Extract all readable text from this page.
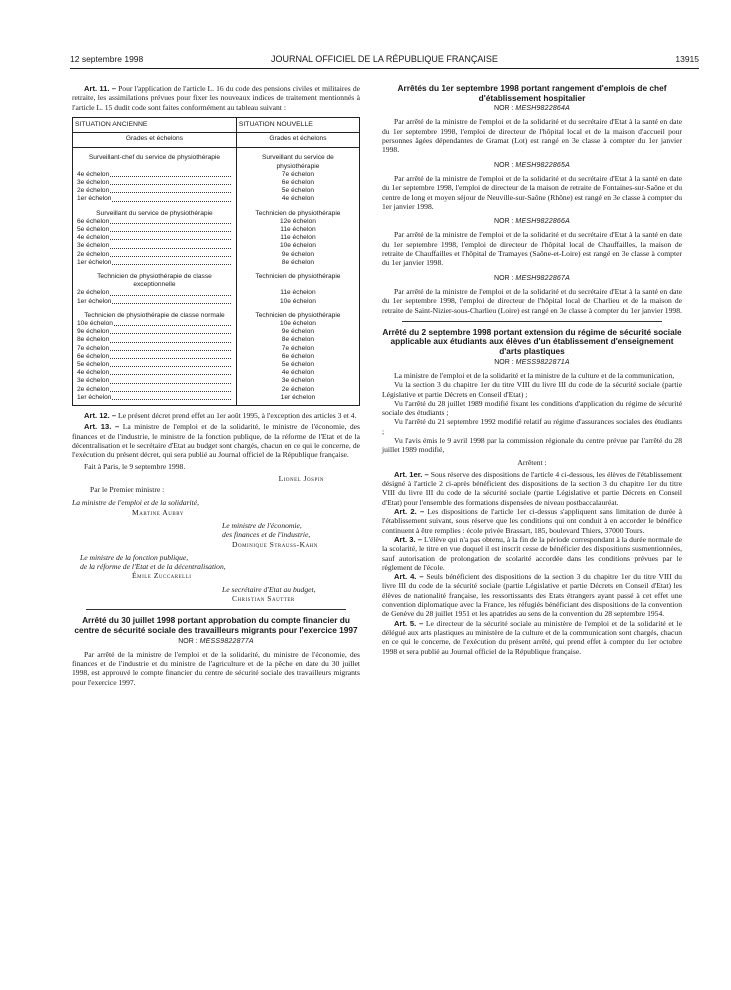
12 septembre 1998	JOURNAL OFFICIEL DE LA RÉPUBLIQUE FRANÇAISE	13915

Art. 11. – Pour l'application de l'article L. 16 du code des pensions civiles et militaires de retraite, les assimilations prévues pour fixer les nouveaux indices de traitement mentionnés à l'article L. 15 dudit code sont faites conformément au tableau suivant :

SITUATION ANCIENNE	SITUATION NOUVELLE
Grades et échelons	Grades et échelons
Surveillant-chef du service de physiothérapie	Surveillant du service de physiothérapie

4e échelon	7e échelon

3e échelon	6e échelon

2e échelon	5e échelon

1er échelon	4e échelon
Surveillant du service de physiothérapie	Technicien de physiothérapie

6e échelon	12e échelon

5e échelon	11e échelon

4e échelon	11e échelon

3e échelon	10e échelon

2e échelon	9e échelon

1er échelon	8e échelon
Technicien de physiothérapie de classe exceptionnelle	Technicien de physiothérapie

2e échelon	11e échelon

1er échelon	10e échelon
Technicien de physiothérapie de classe normale	Technicien de physiothérapie

10e échelon	10e échelon

9e échelon	9e échelon

8e échelon	8e échelon

7e échelon	7e échelon

6e échelon	6e échelon

5e échelon	5e échelon

4e échelon	4e échelon

3e échelon	3e échelon

2e échelon	2e échelon

1er échelon	1er échelon

Art. 12. – Le présent décret prend effet au 1er août 1995, à l'exception des articles 3 et 4.

Art. 13. – La ministre de l'emploi et de la solidarité, le ministre de l'économie, des finances et de l'industrie, le ministre de la fonction publique, de la réforme de l'Etat et de la décentralisation et le secrétaire d'Etat au budget sont chargés, chacun en ce qui le concerne, de l'exécution du présent décret, qui sera publié au Journal officiel de la République française.

Fait à Paris, le 9 septembre 1998.

Lionel Jospin
Par le Premier ministre :
La ministre de l'emploi et de la solidarité,
Martine Aubry
Le ministre de l'économie,
des finances et de l'industrie,
Dominique Strauss-Kahn
Le ministre de la fonction publique,
de la réforme de l'Etat et de la décentralisation,
Émile Zuccarelli
Le secrétaire d'Etat au budget,
Christian Sautter
Arrêté du 30 juillet 1998 portant approbation du compte financier du centre de sécurité sociale des travailleurs migrants pour l'exercice 1997
NOR : MESS9822877A

Par arrêté de la ministre de l'emploi et de la solidarité, du ministre de l'économie, des finances et de l'industrie et du ministre de l'agriculture et de la pêche en date du 30 juillet 1998, est approuvé le compte financier du centre de sécurité sociale des travailleurs migrants pour l'exercice 1997.

Arrêtés du 1er septembre 1998 portant rangement d'emplois de chef d'établissement hospitalier
NOR : MESH9822864A

Par arrêté de la ministre de l'emploi et de la solidarité et du secrétaire d'Etat à la santé en date du 1er septembre 1998, l'emploi de directeur de l'hôpital local et de la maison d'accueil pour personnes âgées dépendantes de Gramat (Lot) est rangé en 3e classe à compter du 1er janvier 1998.

NOR : MESH9822865A

Par arrêté de la ministre de l'emploi et de la solidarité et du secrétaire d'Etat à la santé en date du 1er septembre 1998, l'emploi de directeur de la maison de retraite de Fontaines-sur-Saône et du centre de long et moyen séjour de Neuville-sur-Saône (Rhône) est rangé en 3e classe à compter du 1er janvier 1998.

NOR : MESH9822866A

Par arrêté de la ministre de l'emploi et de la solidarité et du secrétaire d'Etat à la santé en date du 1er septembre 1998, l'emploi de directeur de l'hôpital local de Chauffailles, la maison de retraite de Chauffailles et l'hôpital de Tramayes (Saône-et-Loire) est rangé en 3e classe à compter du 1er janvier 1998.

NOR : MESH9822867A

Par arrêté de la ministre de l'emploi et de la solidarité et du secrétaire d'Etat à la santé en date du 1er septembre 1998, l'emploi de directeur de l'hôpital local de Charlieu et de la maison de retraite de Saint-Nizier-sous-Charlieu (Loire) est rangé en 3e classe à compter du 1er janvier 1998.

Arrêté du 2 septembre 1998 portant extension du régime de sécurité sociale applicable aux étudiants aux élèves d'un établissement d'enseignement d'arts plastiques
NOR : MESS9822871A

La ministre de l'emploi et de la solidarité et la ministre de la culture et de la communication,

Vu la section 3 du chapitre 1er du titre VIII du livre III du code de la sécurité sociale (partie Législative et partie Décrets en Conseil d'Etat) ;

Vu l'arrêté du 28 juillet 1989 modifié fixant les conditions d'application du régime de sécurité sociale des étudiants ;

Vu l'arrêté du 21 septembre 1992 modifié relatif au régime d'assurances sociales des étudiants ;

Vu l'avis émis le 9 avril 1998 par la commission régionale du centre prévue par l'arrêté du 28 juillet 1989 modifié,

Arrêtent :

Art. 1er. – Sous réserve des dispositions de l'article 4 ci-dessous, les élèves de l'établissement désigné à l'article 2 ci-après bénéficient des dispositions de la section 3 du chapitre 1er du titre VIII du livre III du code de la sécurité sociale (partie Législative et partie Décrets en Conseil d'Etat) pour l'ensemble des formations dispensées de niveau postbaccalauréat.

Art. 2. – Les dispositions de l'article 1er ci-dessus s'appliquent sans limitation de durée à l'établissement suivant, sous réserve que les conditions qui ont conduit à en accorder le bénéfice continuent à être remplies : école privée Brassart, 185, boulevard Thiers, 37000 Tours.

Art. 3. – L'élève qui n'a pas obtenu, à la fin de la période correspondant à la durée normale de la scolarité, le titre en vue duquel il est inscrit cesse de bénéficier des dispositions susmentionnées, sauf autorisation de prolongation de scolarité accordée dans les conditions prévues par le règlement de l'école.

Art. 4. – Seuls bénéficient des dispositions de la section 3 du chapitre 1er du titre VIII du livre III du code de la sécurité sociale (partie Législative et partie Décrets en Conseil d'Etat) les élèves de nationalité française, les ressortissants des Etats étrangers ayant passé à cet effet une convention diplomatique avec la France, les réfugiés bénéficiant des dispositions de la convention de Genève du 28 juillet 1951 et les apatrides au sens de la convention du 28 septembre 1954.

Art. 5. – Le directeur de la sécurité sociale au ministère de l'emploi et de la solidarité et le délégué aux arts plastiques au ministère de la culture et de la communication sont chargés, chacun en ce qui le concerne, de l'exécution du présent arrêté, qui prend effet à compter du 1er octobre 1998 et sera publié au Journal officiel de la République française.
